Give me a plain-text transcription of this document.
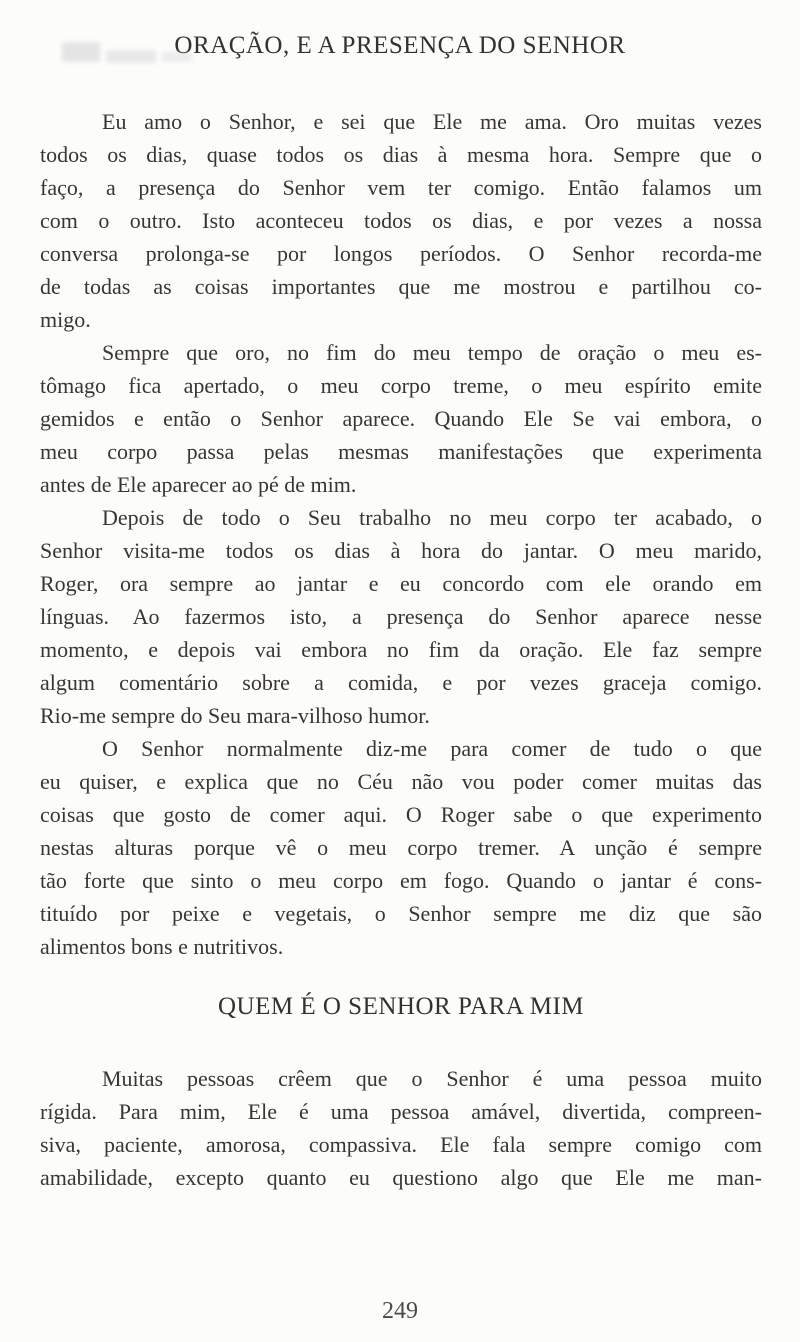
ORAÇÃO, E A PRESENÇA DO SENHOR
Eu amo o Senhor, e sei que Ele me ama. Oro muitas vezes
todos os dias, quase todos os dias à mesma hora. Sempre que o
faço, a presença do Senhor vem ter comigo. Então falamos um
com o outro. Isto aconteceu todos os dias, e por vezes a nossa
conversa prolonga-se por longos períodos. O Senhor recorda-me
de todas as coisas importantes que me mostrou e partilhou co-
migo.
Sempre que oro, no fim do meu tempo de oração o meu es-
tômago fica apertado, o meu corpo treme, o meu espírito emite
gemidos e então o Senhor aparece. Quando Ele Se vai embora, o
meu corpo passa pelas mesmas manifestações que experimenta
antes de Ele aparecer ao pé de mim.
Depois de todo o Seu trabalho no meu corpo ter acabado, o
Senhor visita-me todos os dias à hora do jantar. O meu marido,
Roger, ora sempre ao jantar e eu concordo com ele orando em
línguas. Ao fazermos isto, a presença do Senhor aparece nesse
momento, e depois vai embora no fim da oração. Ele faz sempre
algum comentário sobre a comida, e por vezes graceja comigo.
Rio-me sempre do Seu mara-vilhoso humor.
O Senhor normalmente diz-me para comer de tudo o que
eu quiser, e explica que no Céu não vou poder comer muitas das
coisas que gosto de comer aqui. O Roger sabe o que experimento
nestas alturas porque vê o meu corpo tremer. A unção é sempre
tão forte que sinto o meu corpo em fogo. Quando o jantar é cons-
tituído por peixe e vegetais, o Senhor sempre me diz que são
alimentos bons e nutritivos.
QUEM É O SENHOR PARA MIM
Muitas pessoas crêem que o Senhor é uma pessoa muito
rígida. Para mim, Ele é uma pessoa amável, divertida, compreen-
siva, paciente, amorosa, compassiva. Ele fala sempre comigo com
amabilidade, excepto quanto eu questiono algo que Ele me man-
249
